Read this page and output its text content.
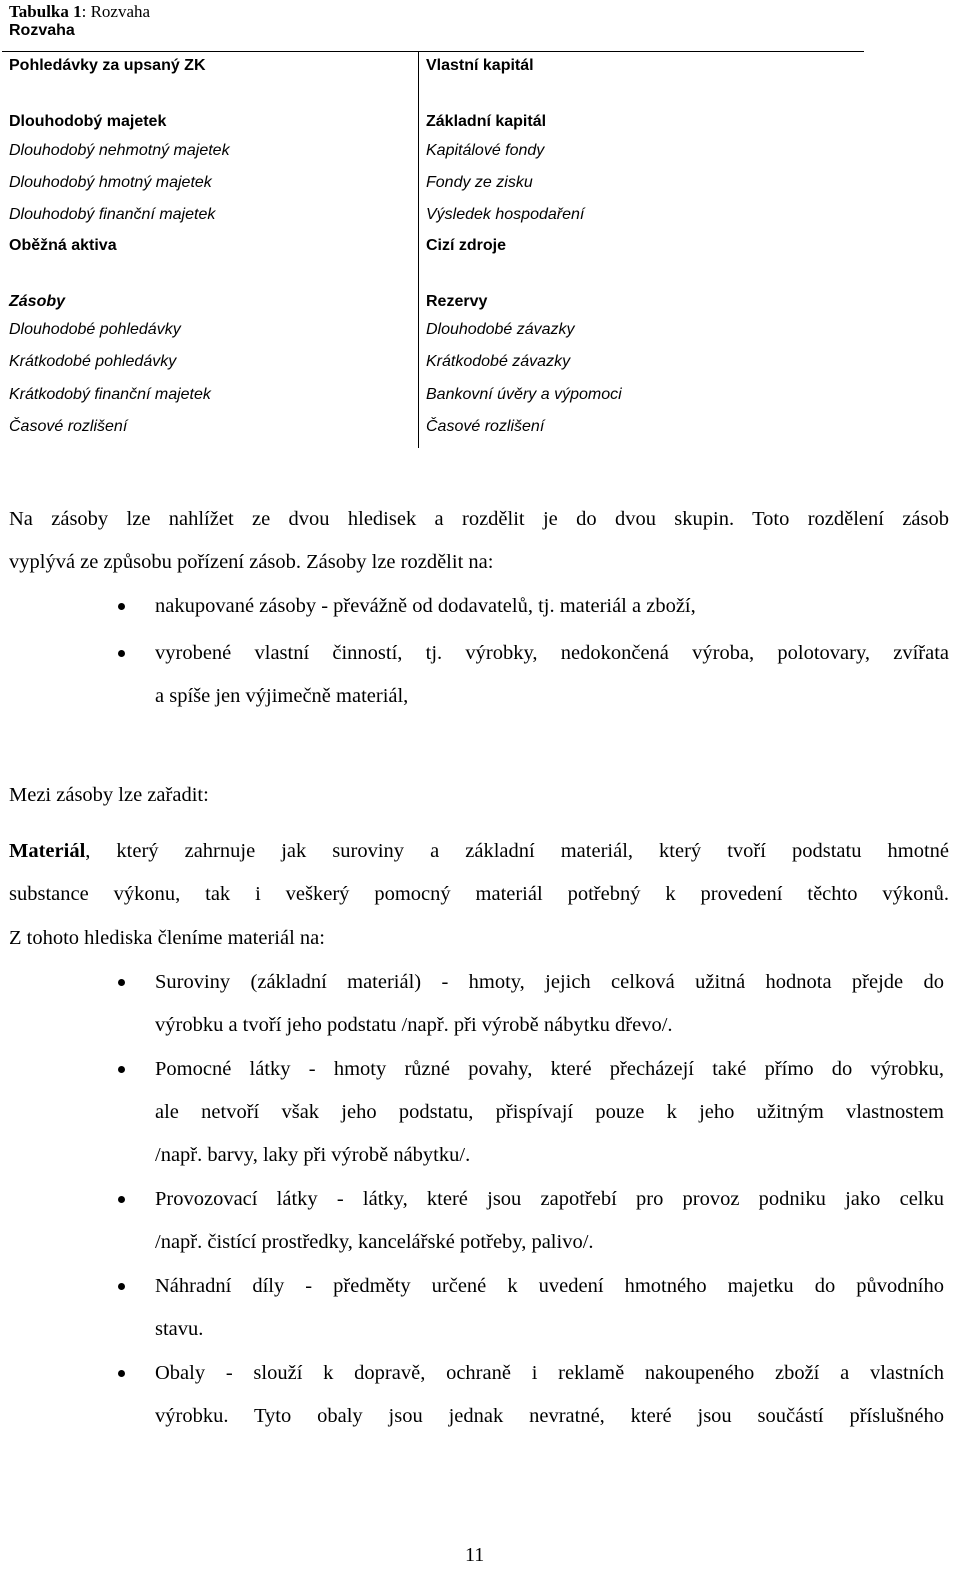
Tabulka 1: Rozvaha
Rozvaha
Pohledávky za upsaný ZK
Dlouhodobý majetek
Dlouhodobý nehmotný majetek
Dlouhodobý hmotný majetek
Dlouhodobý finanční majetek
Oběžná aktiva
Zásoby
Dlouhodobé pohledávky
Krátkodobé pohledávky
Krátkodobý finanční majetek
Časové rozlišení
Vlastní kapitál
Základní kapitál
Kapitálové fondy
Fondy ze zisku
Výsledek hospodaření
Cizí zdroje
Rezervy
Dlouhodobé závazky
Krátkodobé závazky
Bankovní úvěry a výpomoci
Časové rozlišení
Na zásoby lze nahlížet ze dvou hledisek a rozdělit je do dvou skupin. Toto rozdělení zásob
vyplývá ze způsobu pořízení zásob. Zásoby lze rozdělit na:
nakupované zásoby - převážně od dodavatelů, tj. materiál a zboží,
vyrobené vlastní činností, tj. výrobky, nedokončená výroba, polotovary, zvířata
a spíše jen výjimečně materiál,
Mezi zásoby lze zařadit:
Materiál, který zahrnuje jak suroviny a základní materiál, který tvoří podstatu hmotné
substance výkonu, tak i veškerý pomocný materiál potřebný k provedení těchto výkonů.
Z tohoto hlediska členíme materiál na:
Suroviny (základní materiál) - hmoty, jejich celková užitná hodnota přejde do
výrobku a tvoří jeho podstatu /např. při výrobě nábytku dřevo/.
Pomocné látky - hmoty různé povahy, které přecházejí také přímo do výrobku,
ale netvoří však jeho podstatu, přispívají pouze k jeho užitným vlastnostem
/např. barvy, laky při výrobě nábytku/.
Provozovací látky - látky, které jsou zapotřebí pro provoz podniku jako celku
/např. čistící prostředky, kancelářské potřeby, palivo/.
Náhradní díly - předměty určené k uvedení hmotného majetku do původního
stavu.
Obaly - slouží k dopravě, ochraně i reklamě nakoupeného zboží a vlastních
výrobku. Tyto obaly jsou jednak nevratné, které jsou součástí příslušného
11
